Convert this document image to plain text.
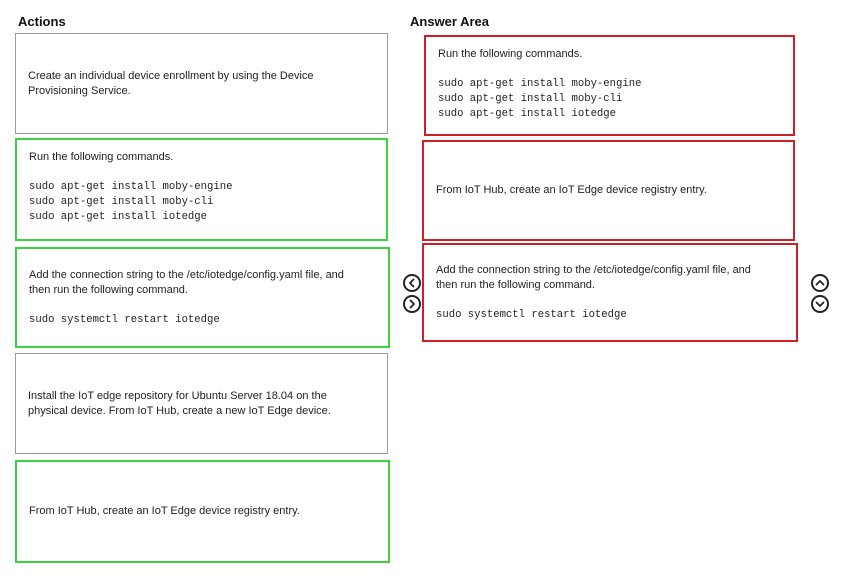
Actions	Answer Area
Create an individual device enrollment by using the Device Provisioning Service.
Run the following commands.
sudo apt-get install moby-engine
sudo apt-get install moby-cli
sudo apt-get install iotedge
Add the connection string to the /etc/iotedge/config.yaml file, and
then run the following command.
sudo systemctl restart iotedge
Install the IoT edge repository for Ubuntu Server 18.04 on the
physical device. From IoT Hub, create a new IoT Edge device.
From IoT Hub, create an IoT Edge device registry entry.
Run the following commands.
sudo apt-get install moby-engine
sudo apt-get install moby-cli
sudo apt-get install iotedge
From IoT Hub, create an IoT Edge device registry entry.
Add the connection string to the /etc/iotedge/config.yaml file, and
then run the following command.
sudo systemctl restart iotedge
